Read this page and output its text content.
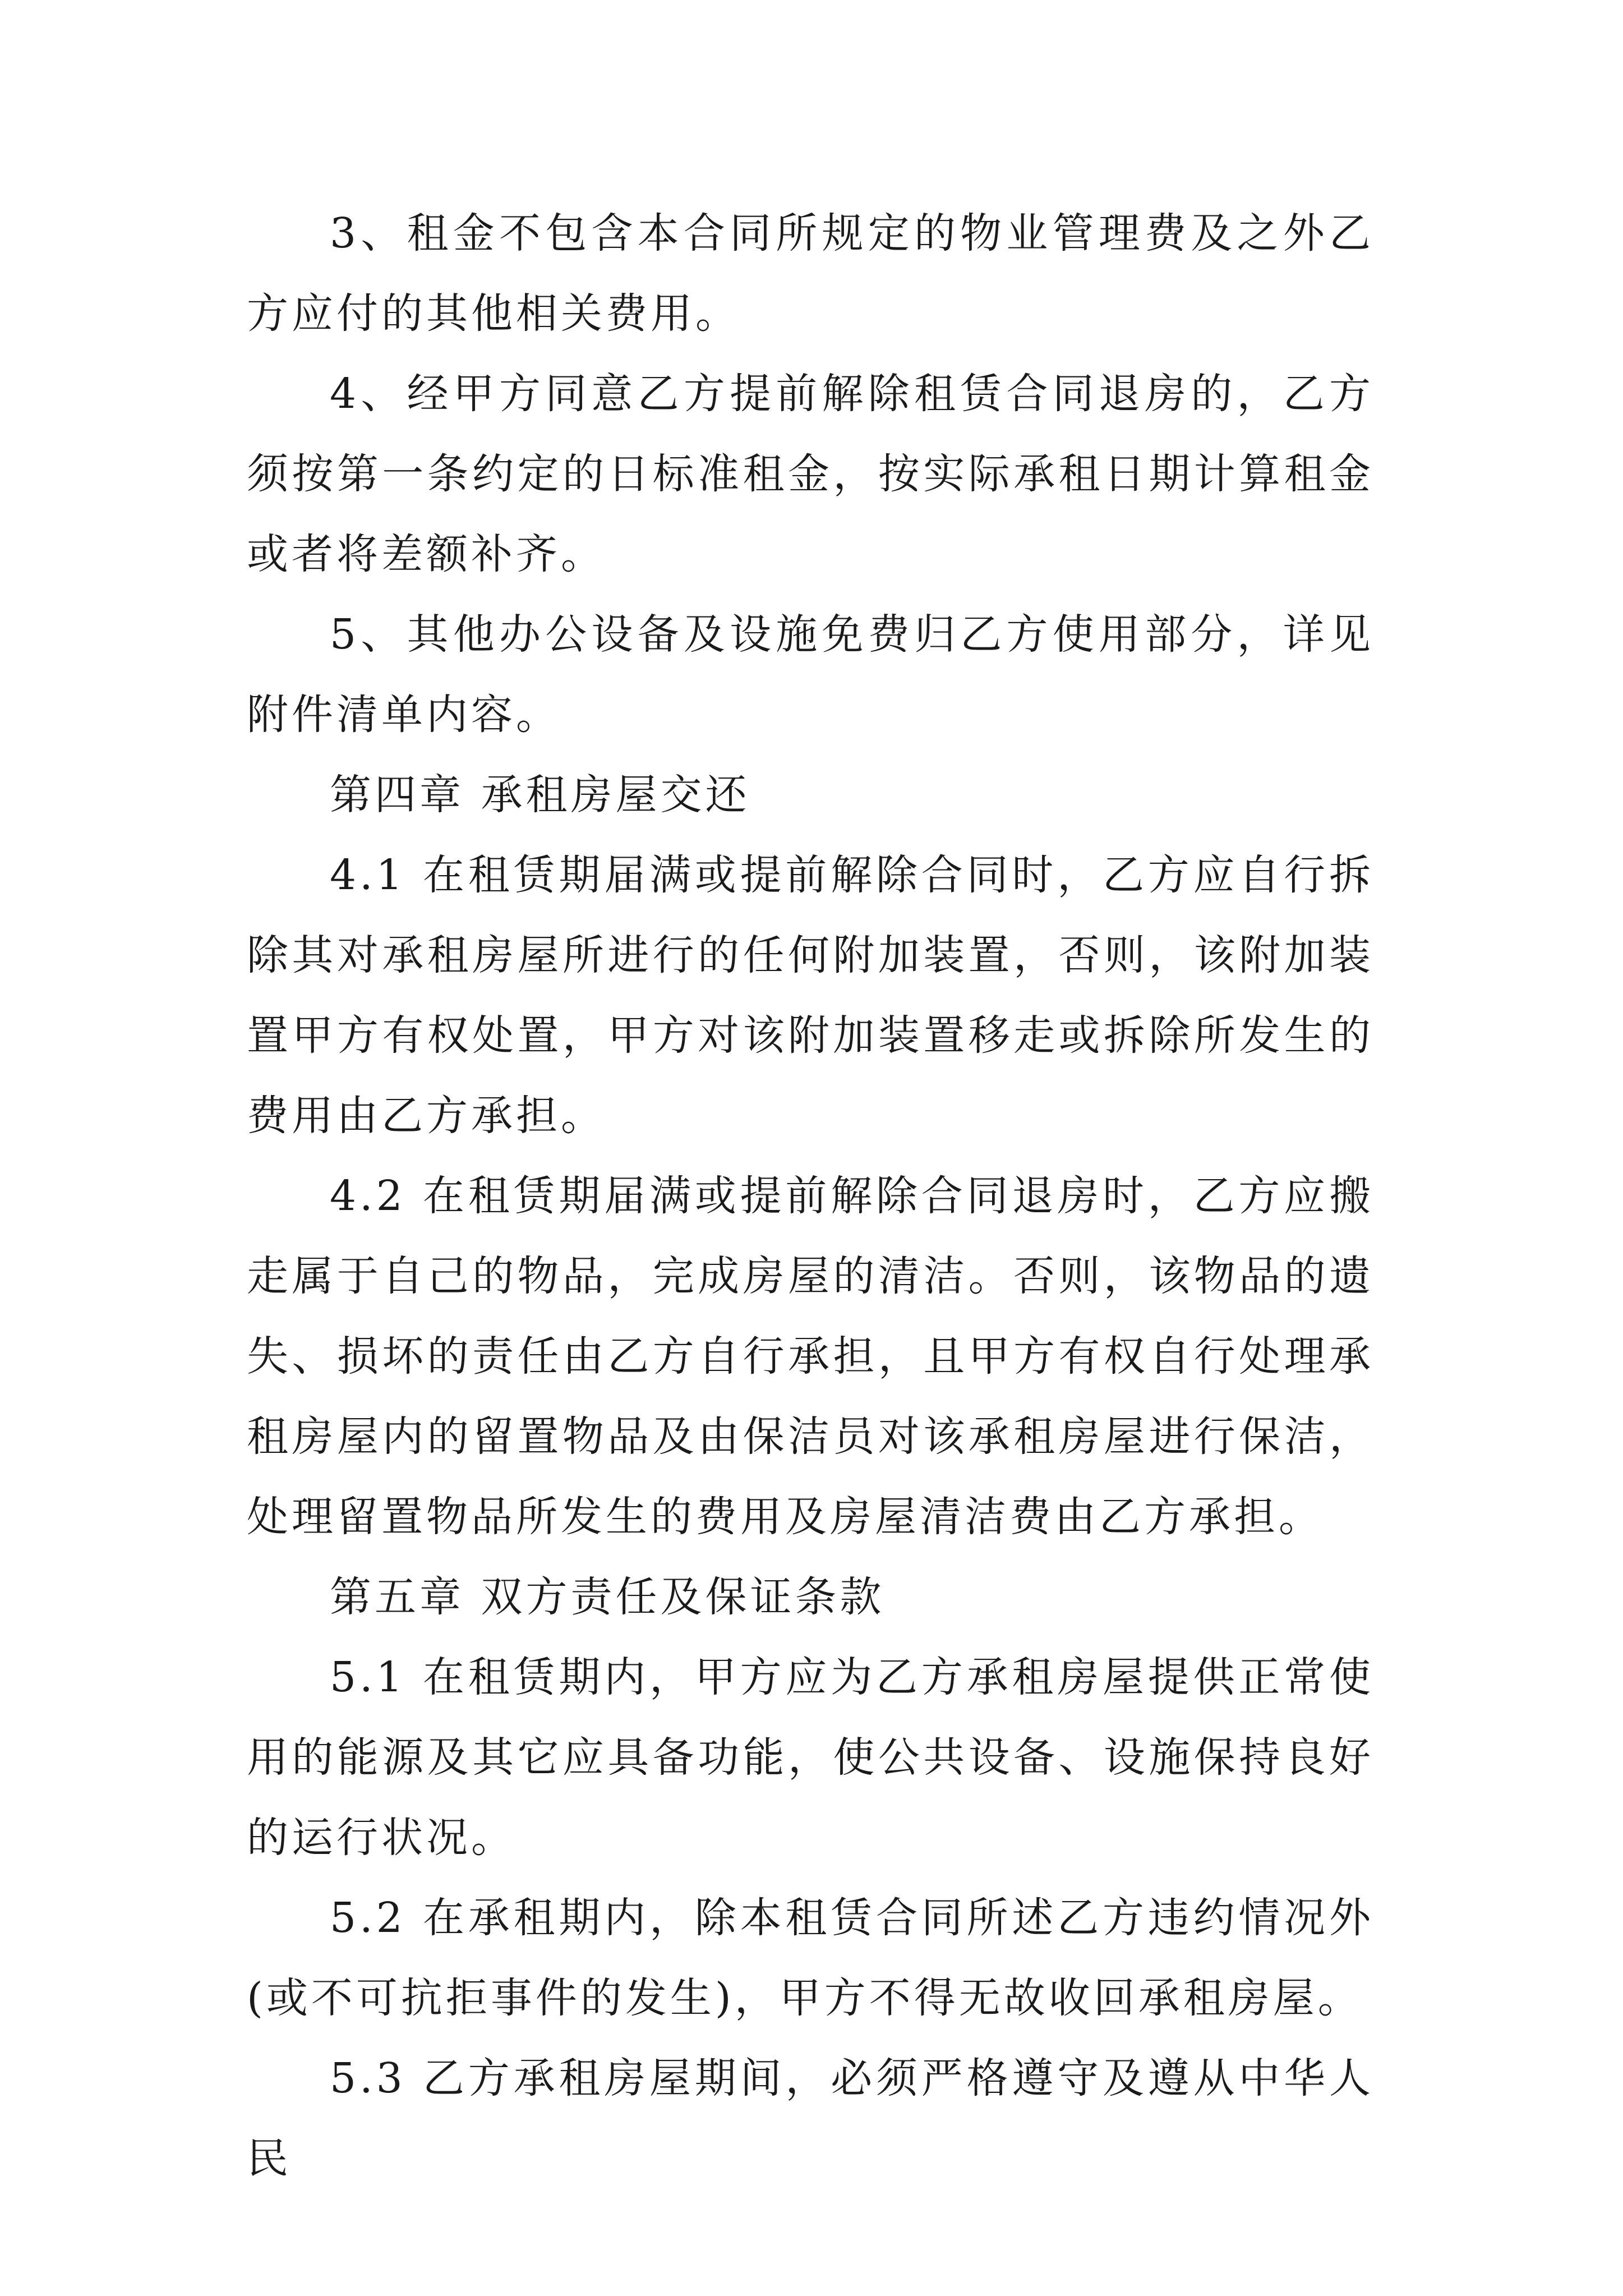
3、租金不包含本合同所规定的物业管理费及之外乙方应付的其他相关费用。

4、经甲方同意乙方提前解除租赁合同退房的，乙方须按第一条约定的日标准租金，按实际承租日期计算租金或者将差额补齐。

5、其他办公设备及设施免费归乙方使用部分，详见附件清单内容。

第四章 承租房屋交还

4.1 在租赁期届满或提前解除合同时，乙方应自行拆除其对承租房屋所进行的任何附加装置，否则，该附加装置甲方有权处置，甲方对该附加装置移走或拆除所发生的费用由乙方承担。

4.2 在租赁期届满或提前解除合同退房时，乙方应搬走属于自己的物品，完成房屋的清洁。否则，该物品的遗失、损坏的责任由乙方自行承担，且甲方有权自行处理承租房屋内的留置物品及由保洁员对该承租房屋进行保洁，处理留置物品所发生的费用及房屋清洁费由乙方承担。

第五章 双方责任及保证条款

5.1 在租赁期内，甲方应为乙方承租房屋提供正常使用的能源及其它应具备功能，使公共设备、设施保持良好的运行状况。

5.2 在承租期内，除本租赁合同所述乙方违约情况外(或不可抗拒事件的发生)，甲方不得无故收回承租房屋。

5.3 乙方承租房屋期间，必须严格遵守及遵从中华人民
